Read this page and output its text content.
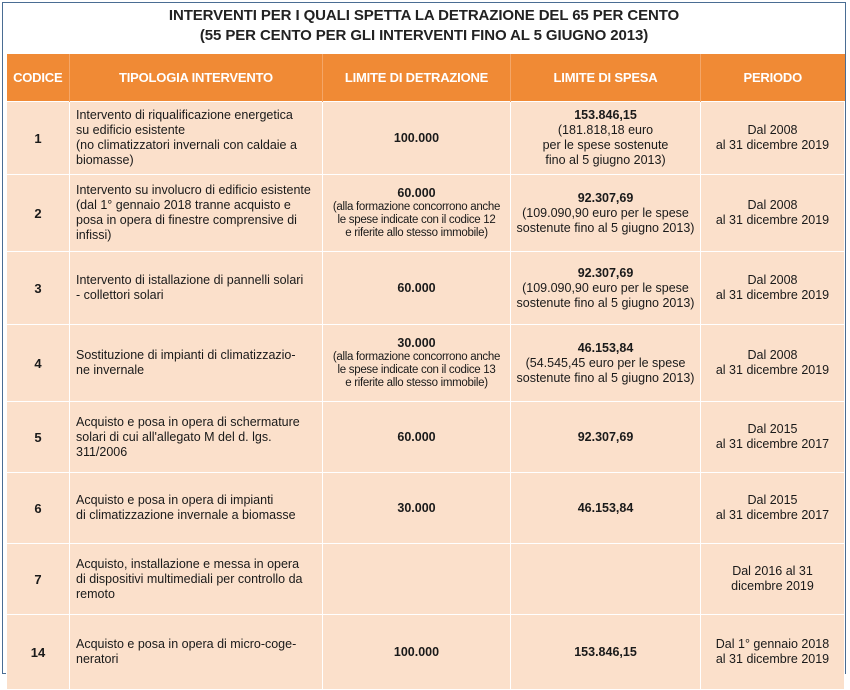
INTERVENTI PER I QUALI SPETTA LA DETRAZIONE DEL 65 PER CENTO
(55 PER CENTO PER GLI INTERVENTI FINO AL 5 GIUGNO 2013)
CODICE	TIPOLOGIA INTERVENTO	LIMITE DI DETRAZIONE	LIMITE DI SPESA	PERIODO
1	Intervento di riqualificazione energetica
su edificio esistente
(no climatizzatori invernali con caldaie a
biomasse)	100.000	153.846,15
(181.818,18 euro
per le spese sostenute
fino al 5 giugno 2013)	Dal 2008
al 31 dicembre 2019

2	Intervento su involucro di edificio esistente
(dal 1° gennaio 2018 tranne acquisto e
posa in opera di finestre comprensive di
infissi)	60.000
(alla formazione concorrono anche
le spese indicate con il codice 12
e riferite allo stesso immobile)	92.307,69
(109.090,90 euro per le spese
sostenute fino al 5 giugno 2013)	Dal 2008
al 31 dicembre 2019

3	Intervento di istallazione di pannelli solari
- collettori solari	60.000	92.307,69
(109.090,90 euro per le spese
sostenute fino al 5 giugno 2013)	Dal 2008
al 31 dicembre 2019

4	Sostituzione di impianti di climatizzazio-
ne invernale	30.000
(alla formazione concorrono anche
le spese indicate con il codice 13
e riferite allo stesso immobile)	46.153,84
(54.545,45 euro per le spese
sostenute fino al 5 giugno 2013)	Dal 2008
al 31 dicembre 2019

5	Acquisto e posa in opera di schermature
solari di cui all'allegato M del d. lgs.
311/2006	60.000	92.307,69	Dal 2015
al 31 dicembre 2017

6	Acquisto e posa in opera di impianti
di climatizzazione invernale a biomasse	30.000	46.153,84	Dal 2015
al 31 dicembre 2017

7	Acquisto, installazione e messa in opera
di dispositivi multimediali per controllo da
remoto			Dal 2016 al 31
dicembre 2019

14	Acquisto e posa in opera di micro-coge-
neratori	100.000	153.846,15	Dal 1° gennaio 2018
al 31 dicembre 2019
